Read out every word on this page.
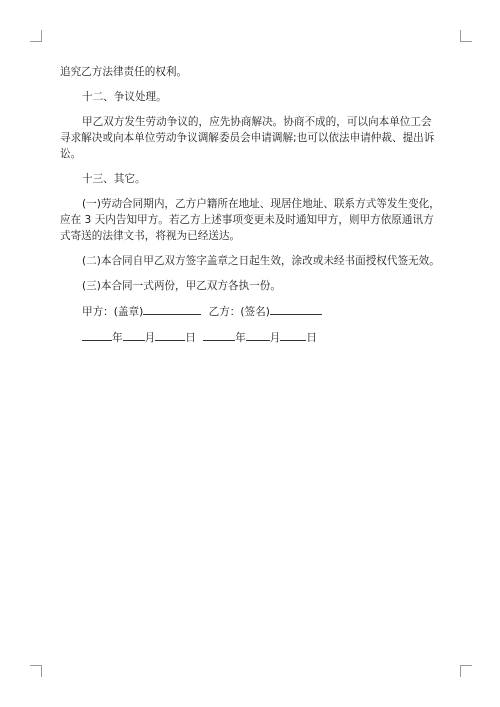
追究乙方法律责任的权利。

十二、争议处理。

甲乙双方发生劳动争议的，应先协商解决。协商不成的，可以向本单位工会寻求解决或向本单位劳动争议调解委员会申请调解;也可以依法申请仲裁、提出诉讼。

十三、其它。

(一)劳动合同期内，乙方户籍所在地址、现居住地址、联系方式等发生变化，应在 3 天内告知甲方。若乙方上述事项变更未及时通知甲方，则甲方依原通讯方式寄送的法律文书，将视为已经送达。

(二)本合同自甲乙双方签字盖章之日起生效，涂改或未经书面授权代签无效。

(三)本合同一式两份，甲乙双方各执一份。

甲方：(盖章)	乙方：(签名)

年 月	日	年 月 日
